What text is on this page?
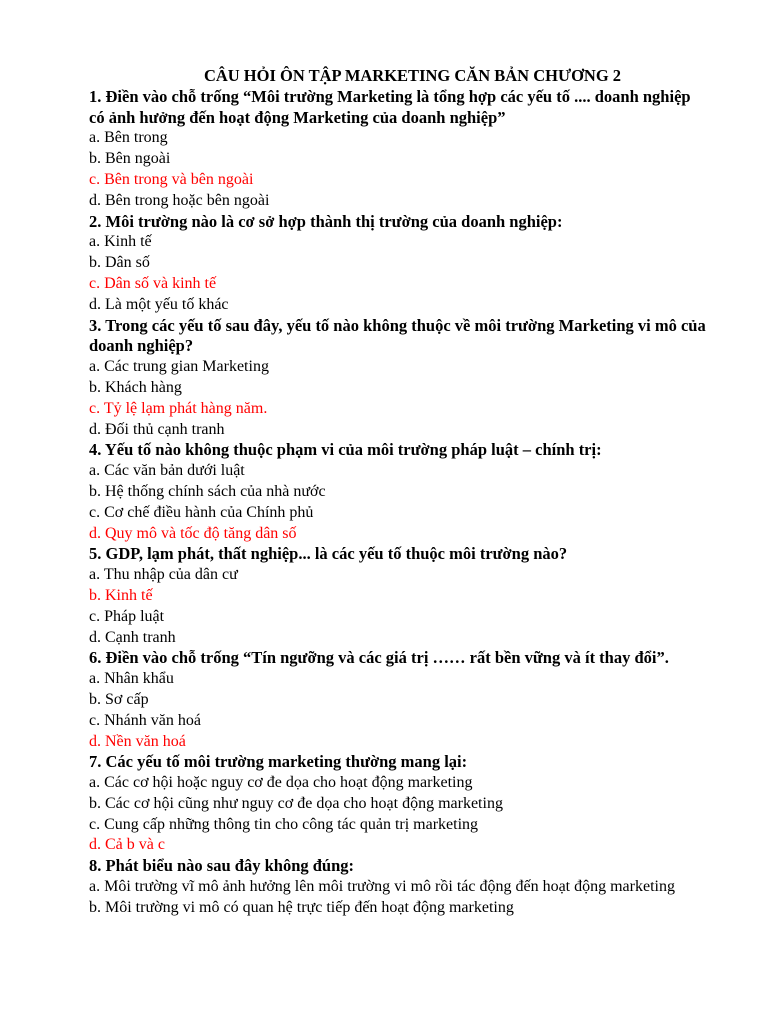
CÂU HỎI ÔN TẬP MARKETING CĂN BẢN CHƯƠNG 2
1. Điền vào chỗ trống “Môi trường Marketing là tổng hợp các yếu tố .... doanh nghiệp có ảnh hưởng đến hoạt động Marketing của doanh nghiệp”
a. Bên trong
b. Bên ngoài
c. Bên trong và bên ngoài
d. Bên trong hoặc bên ngoài
2. Môi trường nào là cơ sở hợp thành thị trường của doanh nghiệp:
a. Kinh tế
b. Dân số
c. Dân số và kinh tế
d. Là một yếu tố khác
3. Trong các yếu tố sau đây, yếu tố nào không thuộc về môi trường Marketing vi mô của doanh nghiệp?
a. Các trung gian Marketing
b. Khách hàng
c. Tỷ lệ lạm phát hàng năm.
d. Đối thủ cạnh tranh
4. Yếu tố nào không thuộc phạm vi của môi trường pháp luật – chính trị:
a. Các văn bản dưới luật
b. Hệ thống chính sách của nhà nước
c. Cơ chế điều hành của Chính phủ
d. Quy mô và tốc độ tăng dân số
5. GDP, lạm phát, thất nghiệp... là các yếu tố thuộc môi trường nào?
a. Thu nhập của dân cư
b. Kinh tế
c. Pháp luật
d. Cạnh tranh
6. Điền vào chỗ trống “Tín ngưỡng và các giá trị …… rất bền vững và ít thay đổi”.
a. Nhân khẩu
b. Sơ cấp
c. Nhánh văn hoá
d. Nền văn hoá
7. Các yếu tố môi trường marketing thường mang lại:
a. Các cơ hội hoặc nguy cơ đe dọa cho hoạt động marketing
b. Các cơ hội cũng như nguy cơ đe dọa cho hoạt động marketing
c. Cung cấp những thông tin cho công tác quản trị marketing
d. Cả b và c
8. Phát biểu nào sau đây không đúng:
a. Môi trường vĩ mô ảnh hưởng lên môi trường vi mô rồi tác động đến hoạt động marketing
b. Môi trường vi mô có quan hệ trực tiếp đến hoạt động marketing
